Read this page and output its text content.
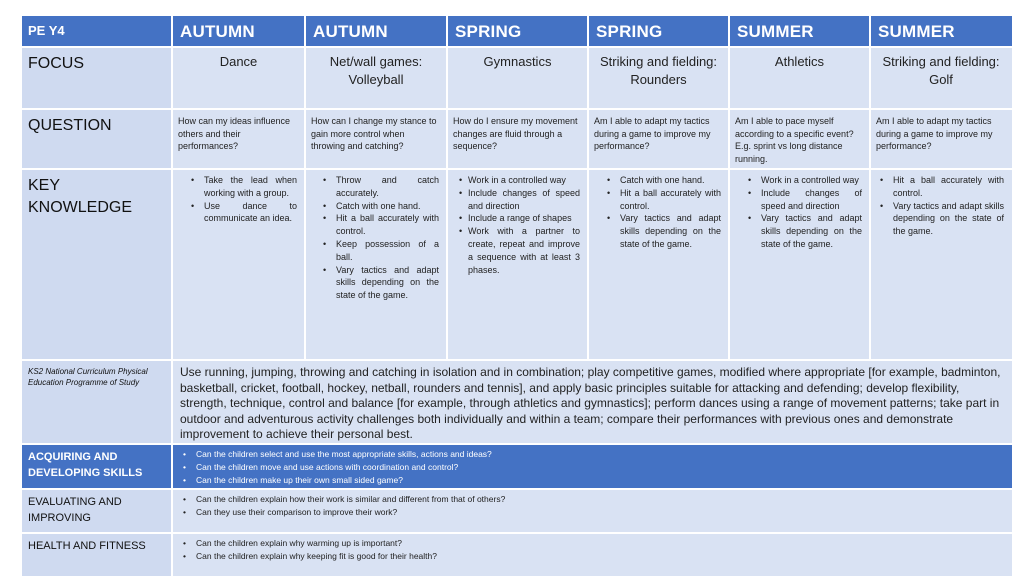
PE Y4	AUTUMN	AUTUMN	SPRING	SPRING	SUMMER	SUMMER
FOCUS	Dance	Net/wall games: Volleyball
Gymnastics	Striking and fielding: Rounders
Athletics	Striking and fielding: Golf
QUESTION	How can my ideas influence others and their performances?
How can I change my stance to gain more control when throwing and catching?
How do I ensure my movement changes are fluid through a sequence?
Am I able to adapt my tactics during a game to improve my performance?
Am I able to pace myself according to a specific event? E.g. sprint vs long distance running.
Am I able to adapt my tactics during a game to improve my performance?
KEY KNOWLEDGE
• Take the lead when working with a group.
• Use dance to communicate an idea.
• Throw and catch accurately.
• Catch with one hand.
• Hit a ball accurately with control.
• Keep possession of a ball.
• Vary tactics and adapt skills depending on the state of the game.
• Work in a controlled way
• Include changes of speed and direction
• Include a range of shapes
• Work with a partner to create, repeat and improve a sequence with at least 3 phases.
• Catch with one hand.
• Hit a ball accurately with control.
• Vary tactics and adapt skills depending on the state of the game.
• Work in a controlled way
• Include changes of speed and direction
• Vary tactics and adapt skills depending on the state of the game.
• Hit a ball accurately with control.
• Vary tactics and adapt skills depending on the state of the game.
KS2 National Curriculum Physical Education Programme of Study
Use running, jumping, throwing and catching in isolation and in combination; play competitive games, modified where appropriate [for example, badminton, basketball, cricket, football, hockey, netball, rounders and tennis], and apply basic principles suitable for attacking and defending; develop flexibility, strength, technique, control and balance [for example, through athletics and gymnastics]; perform dances using a range of movement patterns; take part in outdoor and adventurous activity challenges both individually and within a team; compare their performances with previous ones and demonstrate improvement to achieve their personal best.
ACQUIRING AND DEVELOPING SKILLS
• Can the children select and use the most appropriate skills, actions and ideas?
• Can the children move and use actions with coordination and control?
• Can the children make up their own small sided game?
EVALUATING AND IMPROVING
• Can the children explain how their work is similar and different from that of others?
• Can they use their comparison to improve their work?
HEALTH AND FITNESS
•	Can the children explain why warming up is important?
• Can the children explain why keeping fit is good for their health?
